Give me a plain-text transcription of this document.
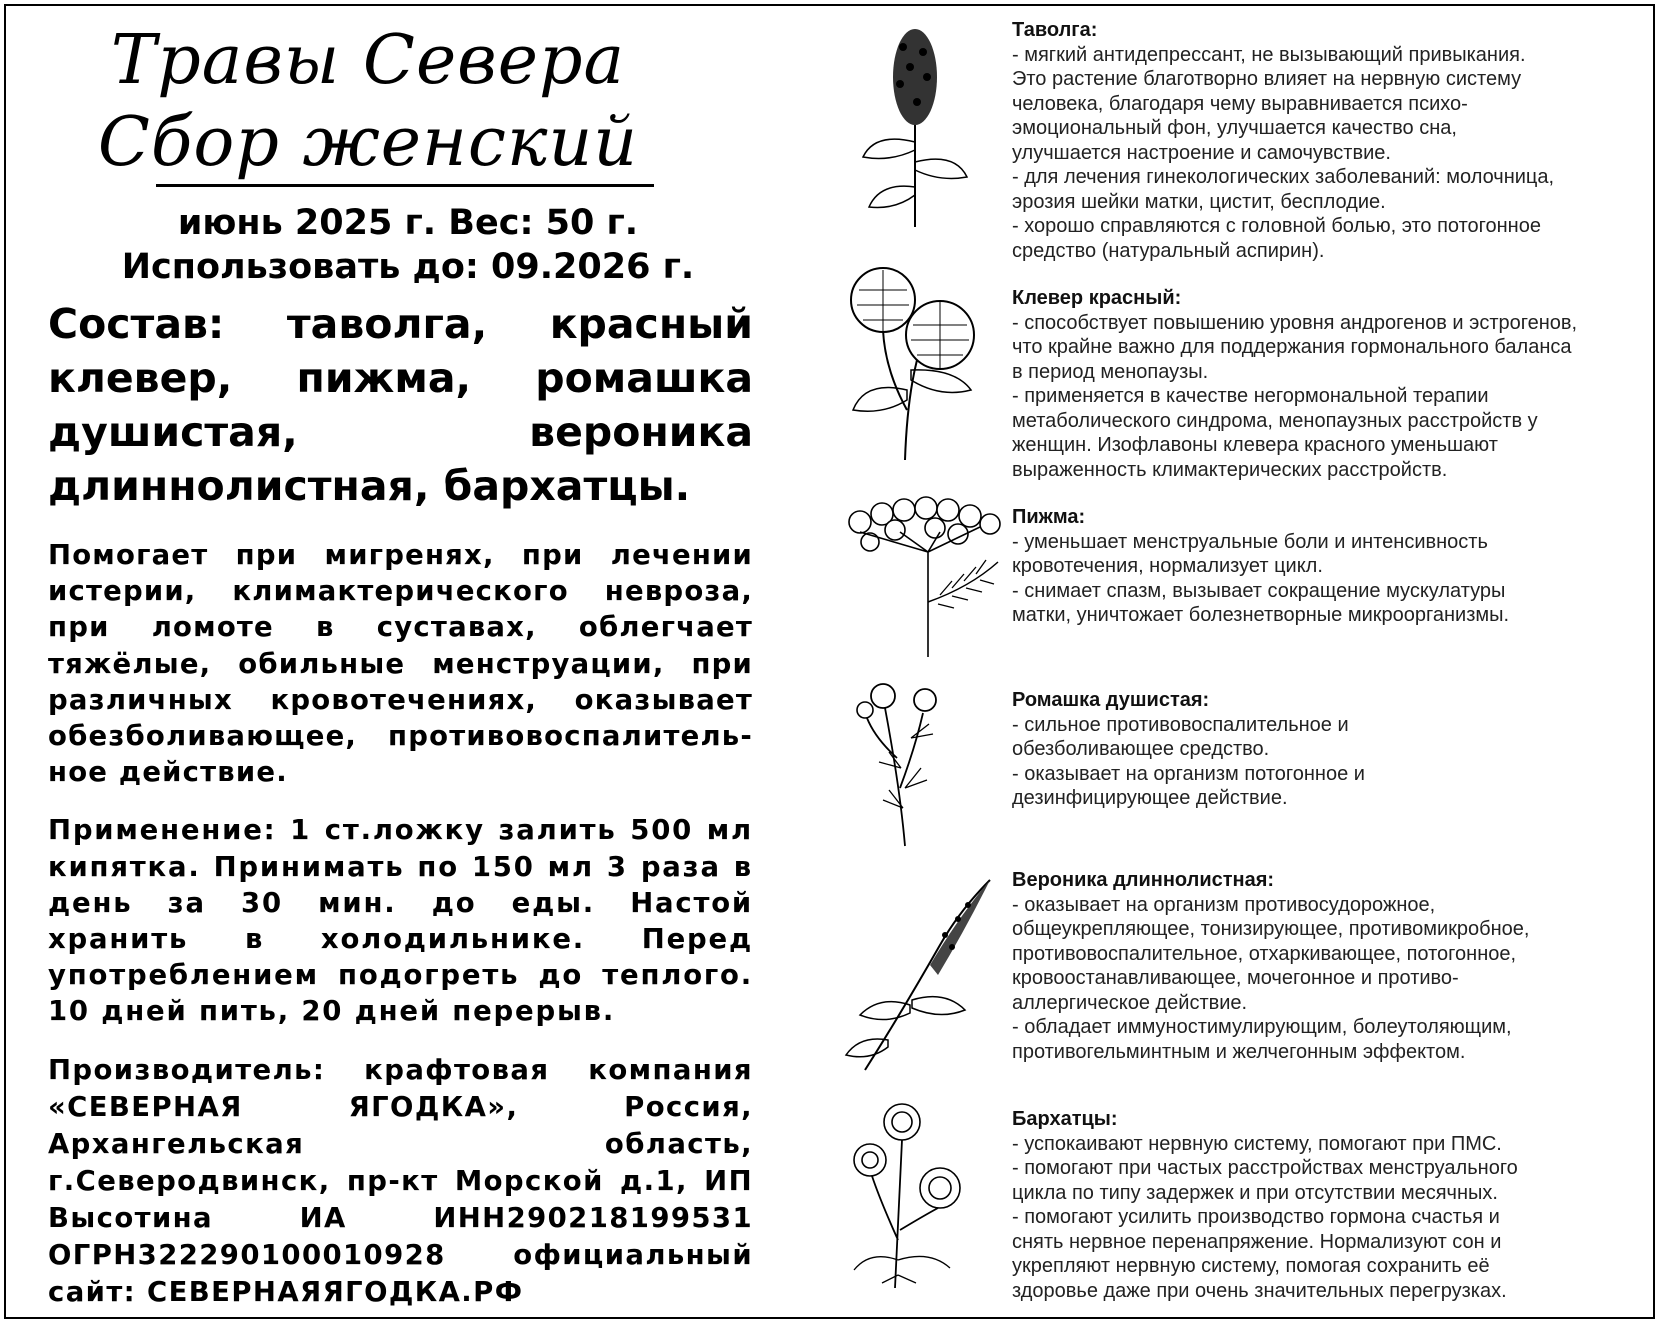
Травы Севера
Сбор женский
июнь 2025 г. Вес: 50 г.
Использовать до: 09.2026 г.
Состав: таволга, красный клевер, пижма, ромашка душистая, вероника длиннолистная, бархатцы.
Помогает при мигренях, при лечении истерии, климактерического невроза, при ломоте в суставах, облегчает тяжёлые, обильные менструации, при различных кровотечениях, оказывает обезболивающее, противовоспалитель-ное действие.
Применение: 1 ст.ложку залить 500 мл кипятка. Принимать по 150 мл 3 раза в день за 30 мин. до еды. Настой хранить в холодильнике. Перед употреблением подогреть до теплого. 10 дней пить, 20 дней перерыв.
Производитель: крафтовая компания «СЕВЕРНАЯ ЯГОДКА», Россия, Архангельская область, г.Северодвинск, пр-кт Морской д.1, ИП Высотина ИА ИНН290218199531 ОГРН322290100010928 официальный сайт: СЕВЕРНАЯЯГОДКА.РФ
Таволга:
- мягкий антидепрессант, не вызывающий привыкания.
Это растение благотворно влияет на нервную систему
человека, благодаря чему выравнивается психо-
эмоциональный фон, улучшается качество сна,
улучшается настроение и самочувствие.
- для лечения гинекологических заболеваний: молочница,
эрозия шейки матки, цистит, бесплодие.
- хорошо справляются с головной болью, это потогонное
средство (натуральный аспирин).
Клевер красный:
- способствует повышению уровня андрогенов и эстрогенов,
что крайне важно для поддержания гормонального баланса
в период менопаузы.
- применяется в качестве негормональной терапии
метаболического синдрома, менопаузных расстройств у
женщин. Изофлавоны клевера красного уменьшают
выраженность климактерических расстройств.
Пижма:
- уменьшает менструальные боли и интенсивность
кровотечения, нормализует цикл.
- снимает спазм, вызывает сокращение мускулатуры
матки, уничтожает болезнетворные микроорганизмы.
Ромашка душистая:
- сильное противовоспалительное и
обезболивающее средство.
- оказывает на организм потогонное и
дезинфицирующее действие.
Вероника длиннолистная:
- оказывает на организм противосудорожное,
общеукрепляющее, тонизирующее, противомикробное,
противовоспалительное, отхаркивающее, потогонное,
кровоостанавливающее, мочегонное и противо-
аллергическое действие.
- обладает иммуностимулирующим, болеутоляющим,
противогельминтным и желчегонным эффектом.
Бархатцы:
- успокаивают нервную систему, помогают при ПМС.
- помогают при частых расстройствах менструального
цикла по типу задержек и при отсутствии месячных.
- помогают усилить производство гормона счастья и
снять нервное перенапряжение. Нормализуют сон и
укрепляют нервную систему, помогая сохранить её
здоровье даже при очень значительных перегрузках.
